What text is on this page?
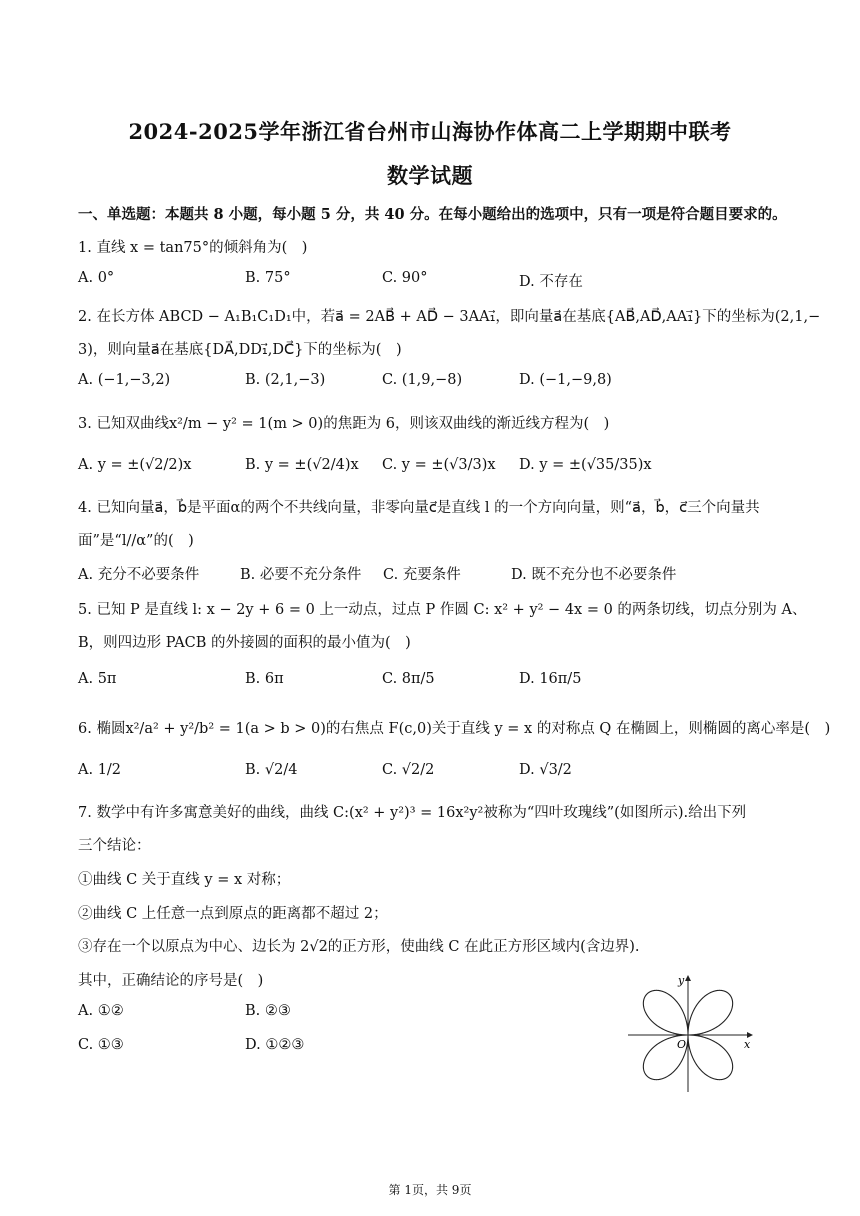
2024-2025学年浙江省台州市山海协作体高二上学期期中联考
数学试题
一、单选题：本题共 8 小题，每小题 5 分，共 40 分。在每小题给出的选项中，只有一项是符合题目要求的。
1. 直线 x = tan75°的倾斜角为(　)
A. 0°	B. 75°	C. 90°	D. 不存在
2. 在长方体 ABCD − A₁B₁C₁D₁中，若a⃗ = 2AB⃗ + AD⃗ − 3AA₁⃗，即向量a⃗在基底{AB⃗,AD⃗,AA₁⃗}下的坐标为(2,1,−
3)，则向量a⃗在基底{DA⃗,DD₁⃗,DC⃗}下的坐标为(　)
A. (−1,−3,2)	B. (2,1,−3)	C. (1,9,−8)	D. (−1,−9,8)
3. 已知双曲线x²/m − y² = 1(m > 0)的焦距为 6，则该双曲线的渐近线方程为(　)
A. y = ±(√2/2)x	B. y = ±(√2/4)x C. y = ±(√3/3)x D. y = ±(√35/35)x
4. 已知向量a⃗，b⃗是平面α的两个不共线向量，非零向量c⃗是直线 l 的一个方向向量，则“a⃗，b⃗，c⃗三个向量共
面”是“l//α”的(　)
A. 充分不必要条件	B. 必要不充分条件 C. 充要条件	D. 既不充分也不必要条件
5. 已知 P 是直线 l: x − 2y + 6 = 0 上一动点，过点 P 作圆 C: x² + y² − 4x = 0 的两条切线，切点分别为 A、
B，则四边形 PACB 的外接圆的面积的最小值为(　)
A. 5π	B. 6π	C. 8π/5	D. 16π/5
6. 椭圆x²/a² + y²/b² = 1(a > b > 0)的右焦点 F(c,0)关于直线 y = x 的对称点 Q 在椭圆上，则椭圆的离心率是(　)
A. 1/2	B. √2/4	C. √2/2	D. √3/2
7. 数学中有许多寓意美好的曲线，曲线 C:(x² + y²)³ = 16x²y²被称为“四叶玫瑰线”(如图所示).给出下列
三个结论：
①曲线 C 关于直线 y = x 对称；
②曲线 C 上任意一点到原点的距离都不超过 2；
③存在一个以原点为中心、边长为 2√2的正方形，使曲线 C 在此正方形区域内(含边界).
其中，正确结论的序号是(　)
A. ①②	B. ②③
C. ①③	D. ①②③
y
x
O
第 1页，共 9页
